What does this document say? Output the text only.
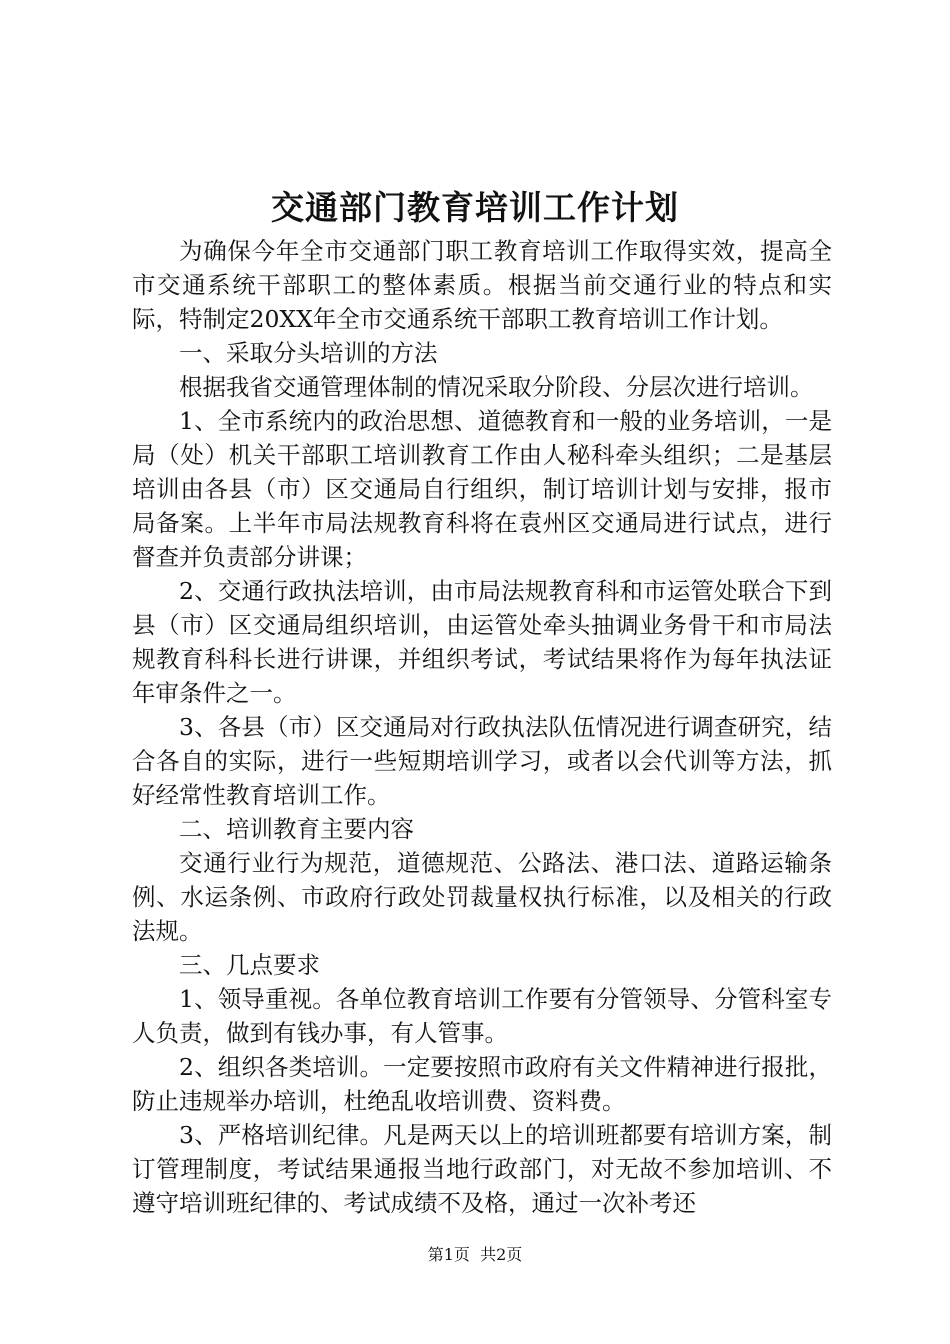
交通部门教育培训工作计划

为确保今年全市交通部门职工教育培训工作取得实效，提高全市交通系统干部职工的整体素质。根据当前交通行业的特点和实际，特制定20XX年全市交通系统干部职工教育培训工作计划。

一、采取分头培训的方法

根据我省交通管理体制的情况采取分阶段、分层次进行培训。

1、全市系统内的政治思想、道德教育和一般的业务培训，一是局（处）机关干部职工培训教育工作由人秘科牵头组织；二是基层培训由各县（市）区交通局自行组织，制订培训计划与安排，报市局备案。上半年市局法规教育科将在袁州区交通局进行试点，进行督查并负责部分讲课；

2、交通行政执法培训，由市局法规教育科和市运管处联合下到县（市）区交通局组织培训，由运管处牵头抽调业务骨干和市局法规教育科科长进行讲课，并组织考试，考试结果将作为每年执法证年审条件之一。

3、各县（市）区交通局对行政执法队伍情况进行调查研究，结合各自的实际，进行一些短期培训学习，或者以会代训等方法，抓好经常性教育培训工作。

二、培训教育主要内容

交通行业行为规范，道德规范、公路法、港口法、道路运输条例、水运条例、市政府行政处罚裁量权执行标准，以及相关的行政法规。

三、几点要求

1、领导重视。各单位教育培训工作要有分管领导、分管科室专人负责，做到有钱办事，有人管事。

2、组织各类培训。一定要按照市政府有关文件精神进行报批，防止违规举办培训，杜绝乱收培训费、资料费。

3、严格培训纪律。凡是两天以上的培训班都要有培训方案，制订管理制度，考试结果通报当地行政部门，对无故不参加培训、不遵守培训班纪律的、考试成绩不及格，通过一次补考还

第1页  共2页
